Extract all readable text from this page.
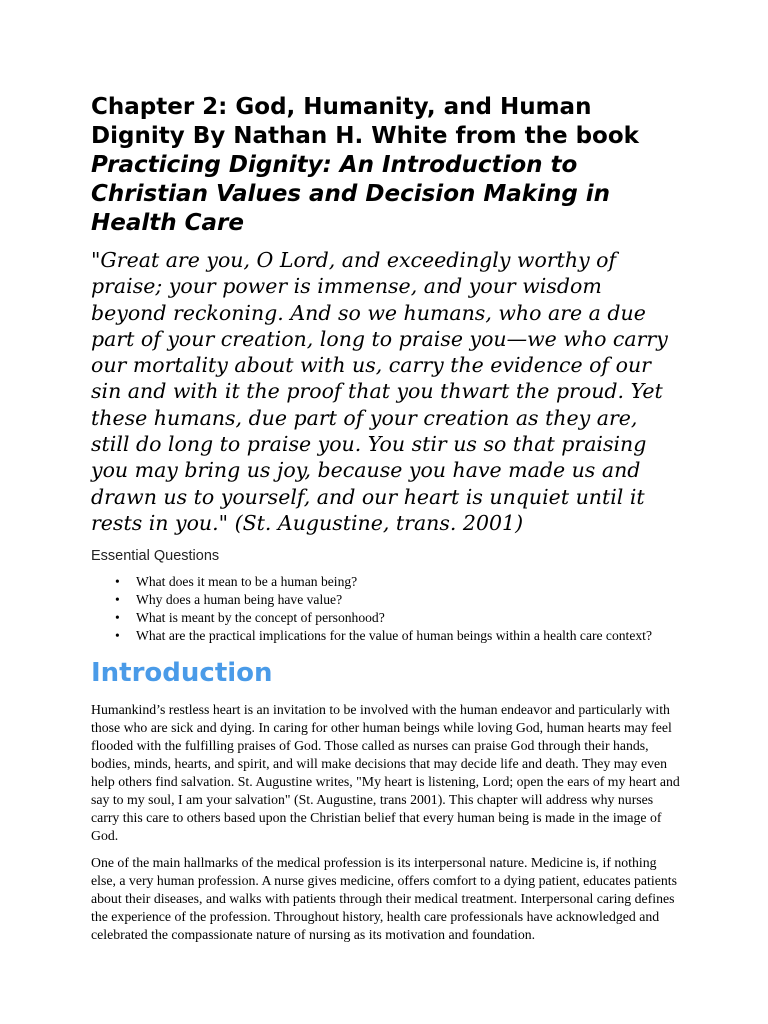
Chapter 2: God, Humanity, and Human Dignity By Nathan H. White from the book Practicing Dignity: An Introduction to Christian Values and Decision Making in Health Care

"Great are you, O Lord, and exceedingly worthy of praise; your power is immense, and your wisdom beyond reckoning. And so we humans, who are a due part of your creation, long to praise you—we who carry our mortality about with us, carry the evidence of our sin and with it the proof that you thwart the proud. Yet these humans, due part of your creation as they are, still do long to praise you. You stir us so that praising you may bring us joy, because you have made us and drawn us to yourself, and our heart is unquiet until it rests in you." (St. Augustine, trans. 2001)

Essential Questions
• What does it mean to be a human being?
• Why does a human being have value?
• What is meant by the concept of personhood?
• What are the practical implications for the value of human beings within a health care context?
Introduction

Humankind’s restless heart is an invitation to be involved with the human endeavor and particularly with those who are sick and dying. In caring for other human beings while loving God, human hearts may feel flooded with the fulfilling praises of God. Those called as nurses can praise God through their hands, bodies, minds, hearts, and spirit, and will make decisions that may decide life and death. They may even help others find salvation. St. Augustine writes, "My heart is listening, Lord; open the ears of my heart and say to my soul, I am your salvation" (St. Augustine, trans 2001). This chapter will address why nurses carry this care to others based upon the Christian belief that every human being is made in the image of God.

One of the main hallmarks of the medical profession is its interpersonal nature. Medicine is, if nothing else, a very human profession. A nurse gives medicine, offers comfort to a dying patient, educates patients about their diseases, and walks with patients through their medical treatment. Interpersonal caring defines the experience of the profession. Throughout history, health care professionals have acknowledged and celebrated the compassionate nature of nursing as its motivation and foundation.
